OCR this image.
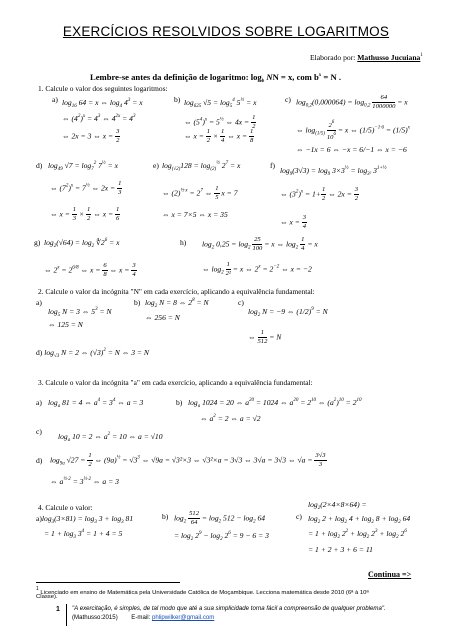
EXERCÍCIOS RESOLVIDOS SOBRE LOGARITMOS
Elaborado por: Mathusso Jucuiana$^1$
Lembre-se antes da definição de logaritmo: $\log_b$ NN = x, com $b^x = N$ .
1. Calcule o valor dos seguintes logaritmos:
a) $\log_{16} 64 = x$ ⇔ $\log_4 4^3 = x$
⇔ $(4^2)^x = 4^3$ ⇔ $4^{2x} = 4^3$
⇔ 2x = 3 ⇔ $x = \frac{3}{2}$
b) $\log_{625} √5 = \log_5^4 5^{\frac{1}{2}} = x$
⇔ $(5^4)^x = 5^{\frac{1}{2}}$ ⇔ $4x = \frac{1}{2}$
⇔ $x = \frac{1}{2} \times \frac{1}{4}$ ⇔ $x = \frac{1}{8}$
c) $\log_{0,2}(0,000064) = \log_{0,2} \frac{64}{1000000} = x$
⇔ $\log_{(1/5)} \frac{2^6}{10^6} = x$ ⇔ $(1/5)^{-1\cdot 6} = (1/5)^x$
⇔ −1x = 6 ⇔ −x = 6/−1 ⇔ x = −6
d) $\log_{49} √7 = \log_7^2 7^{\frac{1}{2}} = x$
⇔ $(7^2)^x = 7^{\frac{1}{2}}$ ⇔ $2x = \frac{1}{3}$
⇔ $x = \frac{1}{3} \times \frac{1}{2}$ ⇔ $x = \frac{1}{6}$
e) $\log_{(√2)}128 = \log_{(2)}^{\frac{1}{2}} 2^7 = x$
⇔ $(2)^{\frac{1}{2}\cdot x} = 2^7$ ⇔ $\frac{1}{5}$ x = 7
⇔ x = 7×5 ⇔ x = 35
f)
$\log_9(3√3) = \log_9 3\times 3^{\frac{1}{2}} = \log_{3^2} 3^{1+\frac{1}{2}}$
⇔ $(3^2)^x = 1+ \frac{1}{2}$ ⇔ $2x = \frac{3}{2}$
⇔ $x = \frac{3}{4}$
g) $\log_2(√64) = \log_2$ $∜2^6 = x$
⇔ $2^x = 2^{6/8}$ ⇔ $x = \frac{6}{8}$ ⇔ $x = \frac{3}{4}$
h) $\log_2 0,25 = \log_2 \frac{25}{100} = x$ ⇔ $\log_2 \frac{1}{4} = x$
⇔ $\log_2 \frac{1}{\text{2²}} = x$ ⇔ $2^x = 2^{-2}$ ⇔ x = −2
2. Calcule o valor da incógnita "N" em cada exercício, aplicando a equivalência fundamental:
a)
$\log_5 N = 3$ ⇔ $5^3 = N$
⇔ 125 = N
b) $\log_2 N = 8$ ⇔ $2^8 = N$
⇔ 256 = N
c)
$\log_2 N = -9$ ⇔ $(1/2)^9 = N$
⇔ $\frac{1}{512} = N$
d) $\log_{√3} N = 2$ ⇔ $(√3)^2 = N$ ⇔ 3 = N
3. Calcule o valor da incógnita "a" em cada exercício, aplicando a equivalência fundamental:
a) $\log_a 81 = 4$ ⇔ $a^4 = 3^4$ ⇔ a = 3	b) $\log_a 1024 = 20$ ⇔ $a^{20} = 1024$ ⇔ $a^{20} = 2^{10}$ ⇔ $(a^2)^{10} = 2^{10}$
⇔ $a^2 = 2$ ⇔ a = √2
c)
$\log_a 10 = 2$ ⇔ $a^2 = 10$ ⇔ a = √10
d) $\log_{9a} √27 = \frac{1}{2}$ ⇔ $(9a)^{\frac{1}{2}} = √3^3$ ⇔ √9a = √3²×3 ⇔ √3²×a = 3√3 ⇔ 3√a = 3√3 ⇔ $√a = \frac{3√3}{3}$
⇔ $a^{\frac{1}{2}\cdot 2} = 3^{\frac{1}{2}\cdot 2}$ ⇔ a = 3
4. Calcule o valor:
$a)\log_3(3\times 81) = \log_3 3 + \log_3 81$
= $1 + \log_3 3^4 = 1 + 4 = 5$
b) $\log_2 \frac{512}{64} = \log_2 512 - \log_2 64$
= $\log_2 2^9 - \log_2 2^6 = 9 - 6 = 3$
c)
$\log_2(2\times 4\times 8\times 64)$ =
$\log_2 2 + \log_2 4 + \log_2 8 + \log_2 64$
= $1 + \log_2 2^2 + \log_2 2^3 + \log_2 2^6$
= 1 + 2 + 3 + 6 = 11
Continua =>
$^1$ Licenciado em ensino de Matemática pela Universidade Católica de Moçambique. Lecciona matemática desde 2010 (6ª à 10ª
Classe).
1 "A exercitação, é simples, de tal modo que até a sua simplicidade torna fácil a compreensão de qualquer problema".
(Mathusso:2015) E-mail: phlipwilker@gmail.com
